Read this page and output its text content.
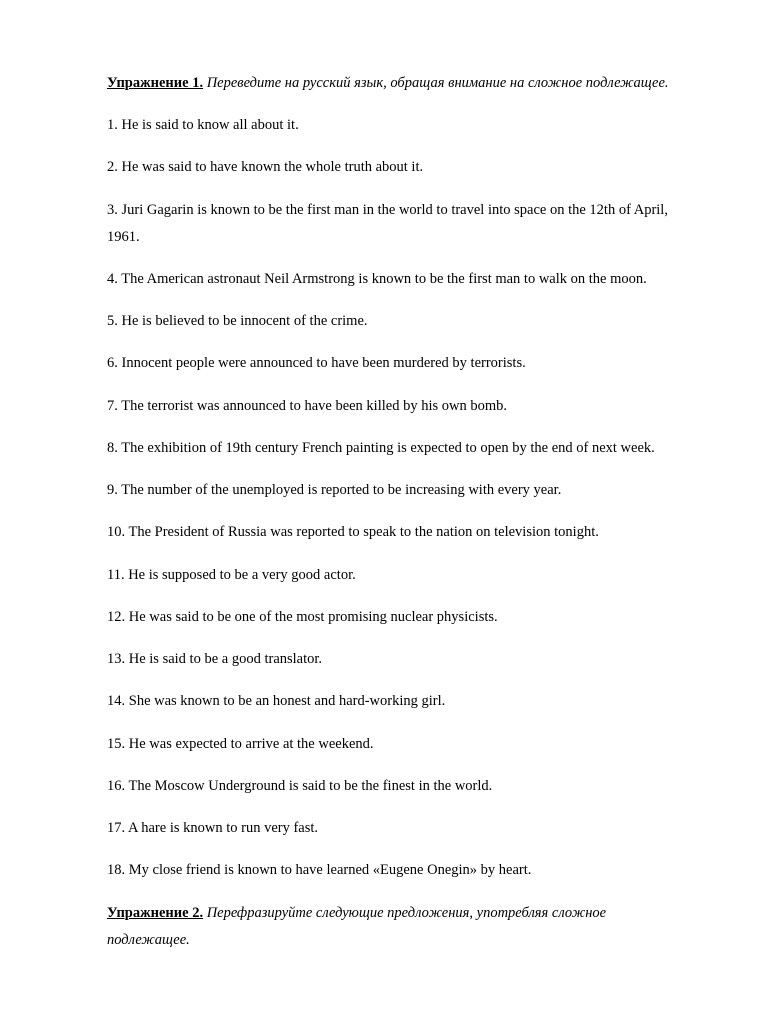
Упражнение 1. Переведите на русский язык, обращая внимание на сложное подлежащее.
1. He is said to know all about it.
2. He was said to have known the whole truth about it.
3. Juri Gagarin is known to be the first man in the world to travel into space on the 12th of April,
1961.
4. The American astronaut Neil Armstrong is known to be the first man to walk on the moon.
5. He is believed to be innocent of the crime.
6. Innocent people were announced to have been murdered by terrorists.
7. The terrorist was announced to have been killed by his own bomb.
8. The exhibition of 19th century French painting is expected to open by the end of next week.
9. The number of the unemployed is reported to be increasing with every year.
10. The President of Russia was reported to speak to the nation on television tonight.
11. He is supposed to be a very good actor.
12. He was said to be one of the most promising nuclear physicists.
13. He is said to be a good translator.
14. She was known to be an honest and hard-working girl.
15. He was expected to arrive at the weekend.
16. The Moscow Underground is said to be the finest in the world.
17. A hare is known to run very fast.
18. My close friend is known to have learned «Eugene Onegin» by heart.
Упражнение 2. Перефразируйте следующие предложения, употребляя сложное
подлежащее.
